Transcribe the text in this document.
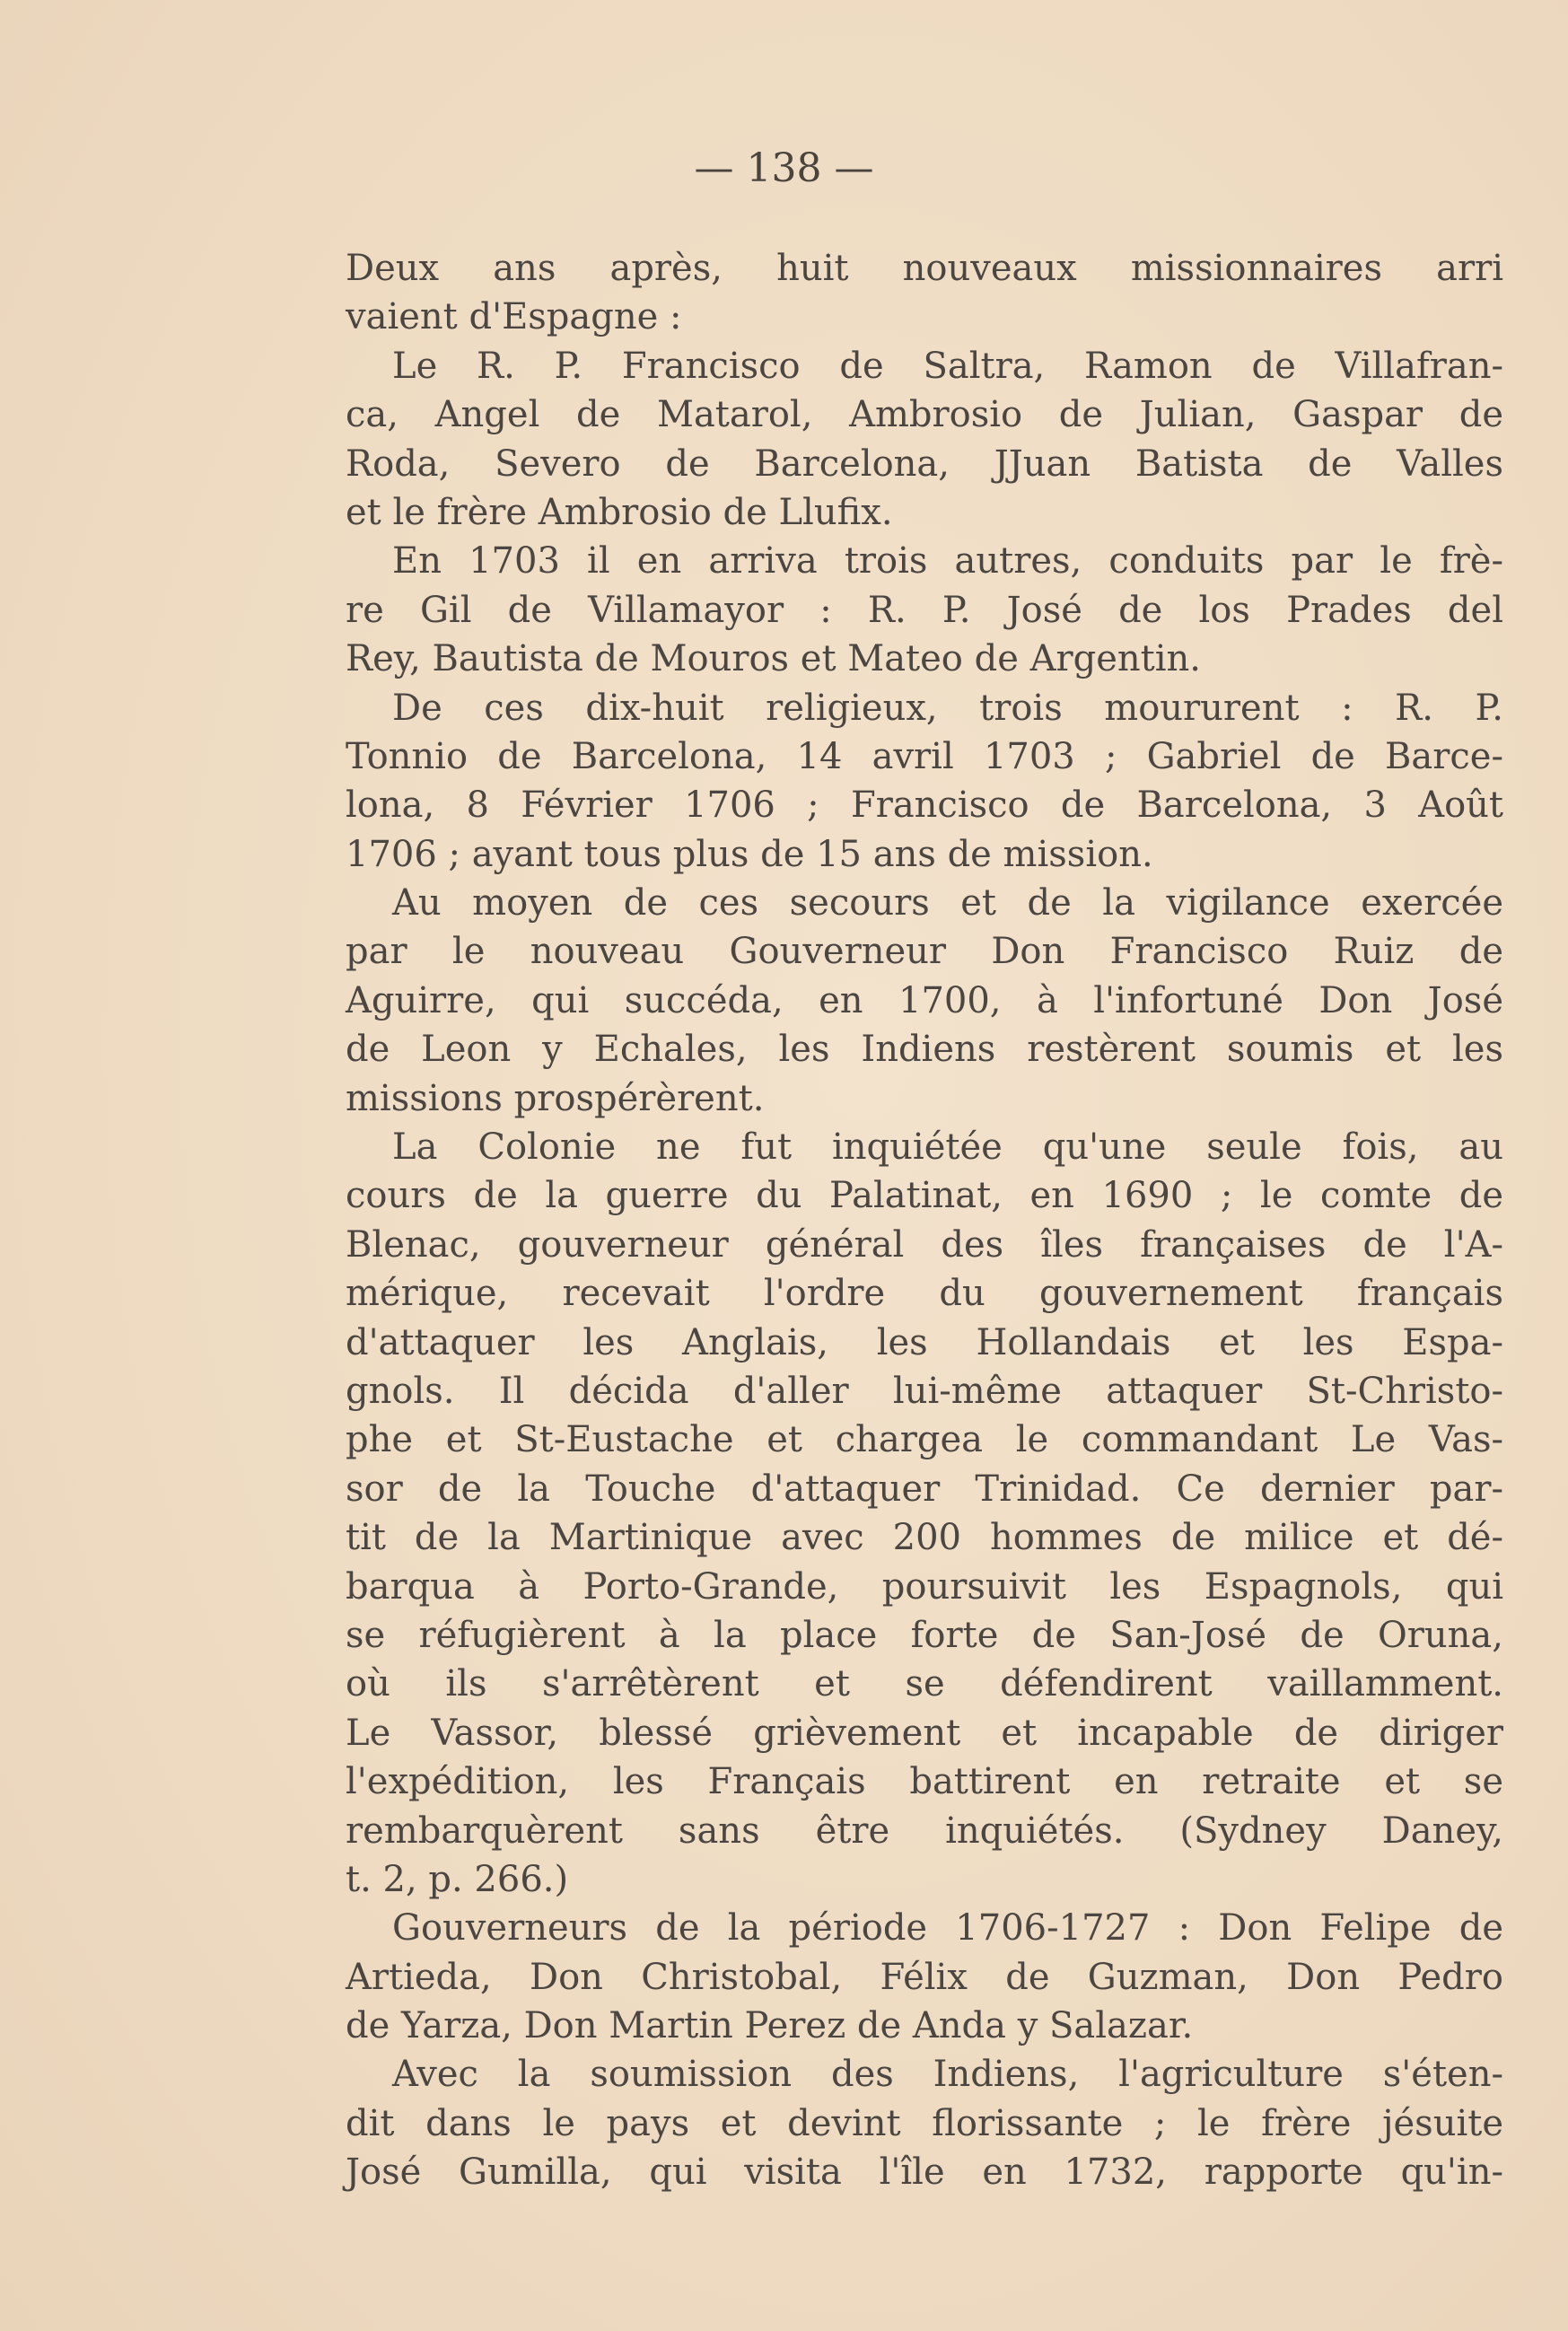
— 138 —
Deux ans après, huit nouveaux missionnaires arri
vaient d'Espagne :
Le R. P. Francisco de Saltra, Ramon de Villafran-
ca, Angel de Matarol, Ambrosio de Julian, Gaspar de
Roda, Severo de Barcelona, JJuan Batista de Valles
et le frère Ambrosio de Llufix.
En 1703 il en arriva trois autres, conduits par le frè-
re Gil de Villamayor : R. P. José de los Prades del
Rey, Bautista de Mouros et Mateo de Argentin.
De ces dix-huit religieux, trois moururent : R. P.
Tonnio de Barcelona, 14 avril 1703 ; Gabriel de Barce-
lona, 8 Février 1706 ; Francisco de Barcelona, 3 Août
1706 ; ayant tous plus de 15 ans de mission.
Au moyen de ces secours et de la vigilance exercée
par le nouveau Gouverneur Don Francisco Ruiz de
Aguirre, qui succéda, en 1700, à l'infortuné Don José
de Leon y Echales, les Indiens restèrent soumis et les
missions prospérèrent.
La Colonie ne fut inquiétée qu'une seule fois, au
cours de la guerre du Palatinat, en 1690 ; le comte de
Blenac, gouverneur général des îles françaises de l'A-
mérique, recevait l'ordre du gouvernement français
d'attaquer les Anglais, les Hollandais et les Espa-
gnols. Il décida d'aller lui-même attaquer St-Christo-
phe et St-Eustache et chargea le commandant Le Vas-
sor de la Touche d'attaquer Trinidad. Ce dernier par-
tit de la Martinique avec 200 hommes de milice et dé-
barqua à Porto-Grande, poursuivit les Espagnols, qui
se réfugièrent à la place forte de San-José de Oruna,
où ils s'arrêtèrent et se défendirent vaillamment.
Le Vassor, blessé grièvement et incapable de diriger
l'expédition, les Français battirent en retraite et se
rembarquèrent sans être inquiétés. (Sydney Daney,
t. 2, p. 266.)
Gouverneurs de la période 1706-1727 : Don Felipe de
Artieda, Don Christobal, Félix de Guzman, Don Pedro
de Yarza, Don Martin Perez de Anda y Salazar.
Avec la soumission des Indiens, l'agriculture s'éten-
dit dans le pays et devint florissante ; le frère jésuite
José Gumilla, qui visita l'île en 1732, rapporte qu'in-
